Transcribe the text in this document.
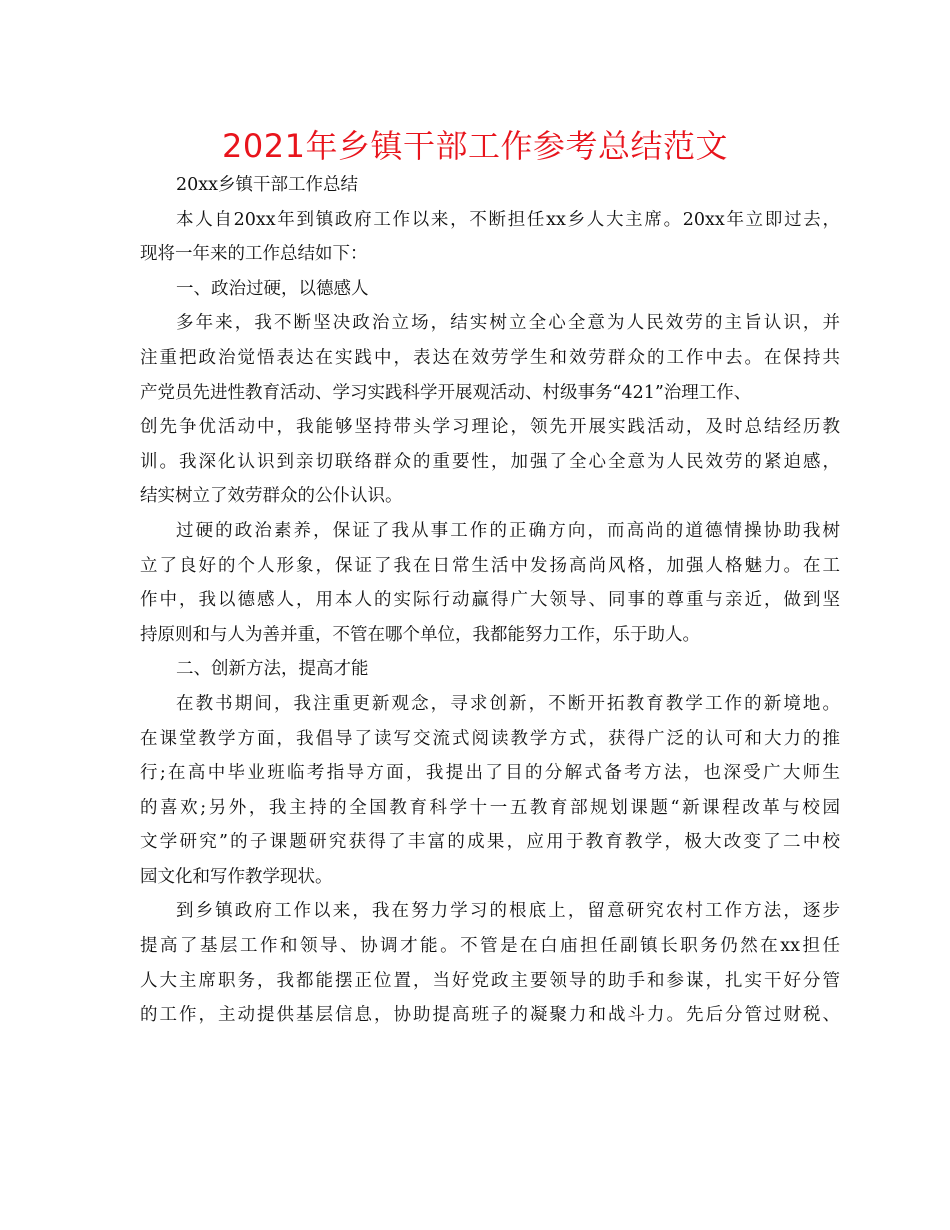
2021年乡镇干部工作参考总结范文
20xx乡镇干部工作总结
本人自20xx年到镇政府工作以来，不断担任xx乡人大主席。20xx年立即过去，
现将一年来的工作总结如下：
一、政治过硬，以德感人
多年来，我不断坚决政治立场，结实树立全心全意为人民效劳的主旨认识，并
注重把政治觉悟表达在实践中，表达在效劳学生和效劳群众的工作中去。在保持共
产党员先进性教育活动、学习实践科学开展观活动、村级事务“421”治理工作、
创先争优活动中，我能够坚持带头学习理论，领先开展实践活动，及时总结经历教
训。我深化认识到亲切联络群众的重要性，加强了全心全意为人民效劳的紧迫感，
结实树立了效劳群众的公仆认识。
过硬的政治素养，保证了我从事工作的正确方向，而高尚的道德情操协助我树
立了良好的个人形象，保证了我在日常生活中发扬高尚风格，加强人格魅力。在工
作中，我以德感人，用本人的实际行动赢得广大领导、同事的尊重与亲近，做到坚
持原则和与人为善并重，不管在哪个单位，我都能努力工作，乐于助人。
二、创新方法，提高才能
在教书期间，我注重更新观念，寻求创新，不断开拓教育教学工作的新境地。
在课堂教学方面，我倡导了读写交流式阅读教学方式，获得广泛的认可和大力的推
行;在高中毕业班临考指导方面，我提出了目的分解式备考方法，也深受广大师生
的喜欢;另外，我主持的全国教育科学十一五教育部规划课题“新课程改革与校园
文学研究”的子课题研究获得了丰富的成果，应用于教育教学，极大改变了二中校
园文化和写作教学现状。
到乡镇政府工作以来，我在努力学习的根底上，留意研究农村工作方法，逐步
提高了基层工作和领导、协调才能。不管是在白庙担任副镇长职务仍然在xx担任
人大主席职务，我都能摆正位置，当好党政主要领导的助手和参谋，扎实干好分管
的工作，主动提供基层信息，协助提高班子的凝聚力和战斗力。先后分管过财税、
